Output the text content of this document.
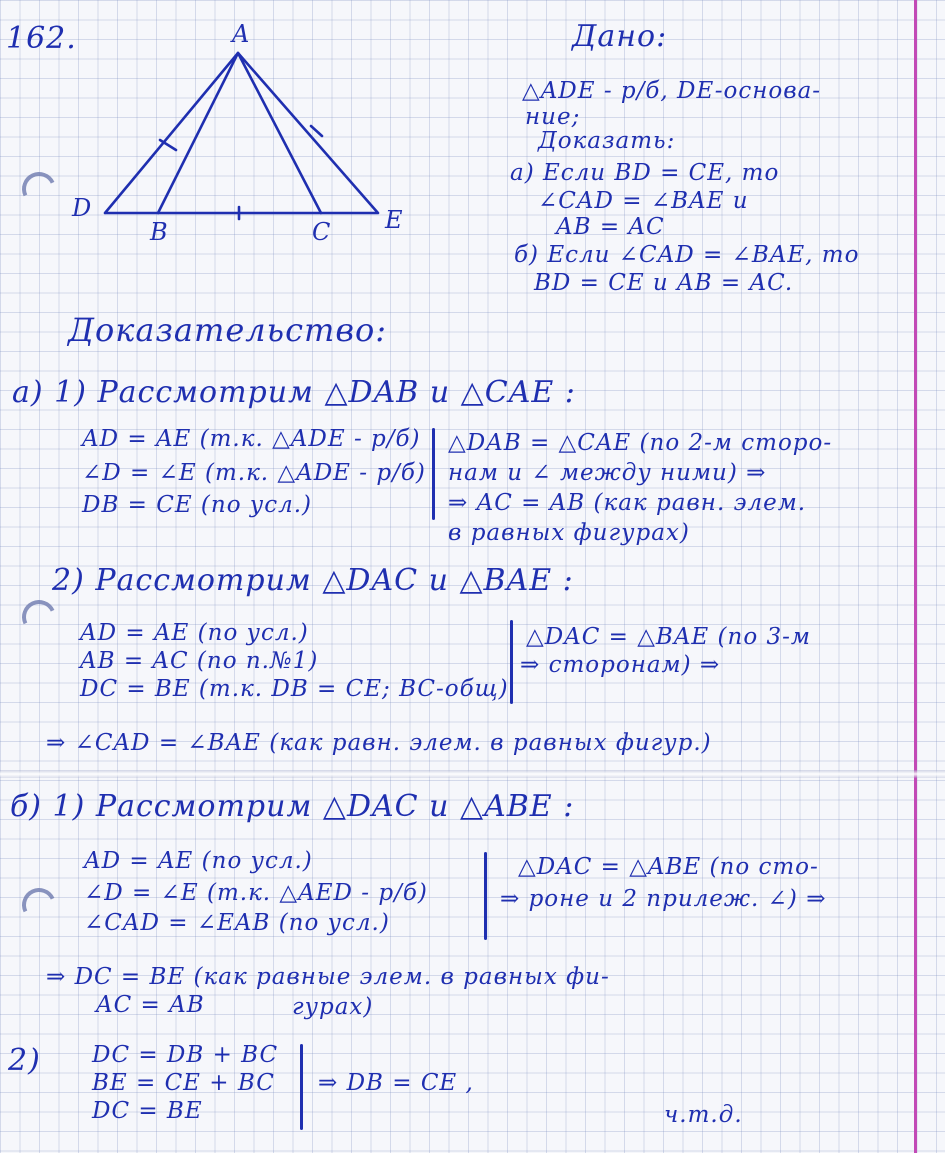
162.	A
D	E
B	C
Дано:
△ADE - р/б, DE-основа-
ние;
Доказать:
а) Если BD = CE, то
∠CAD = ∠BAE и
AB = AC
б) Если ∠CAD = ∠BAE, то
BD = CE и AB = AC.
Доказательство:
а) 1) Рассмотрим △DAB и △CAE :
AD = AE (т.к. △ADE - р/б)
∠D = ∠E (т.к. △ADE - р/б)
DB = CE (по усл.)
△DAB = △CAE (по 2-м сторо-
нам и ∠ между ними) ⇒
⇒ AC = AB (как равн. элем.
в равных фигурах)
2) Рассмотрим △DAC и △BAE :
AD = AE (по усл.)
AB = AC (по п.№1)
DC = BE (т.к. DB = CE; BC-общ)
△DAC = △BAE (по 3-м
⇒ сторонам) ⇒
⇒ ∠CAD = ∠BAE (как равн. элем. в равных фигур.)
б) 1) Рассмотрим △DAC и △ABE :
AD = AE (по усл.)
∠D = ∠E (т.к. △AED - р/б)
∠CAD = ∠EAB (по усл.)
△DAC = △ABE (по сто-
⇒ роне и 2 прилеж. ∠) ⇒
⇒ DC = BE (как равные элем. в равных фи-
AC = AB	гурах)
2) DC = DB + BC
BE = CE + BC
DC = BE
⇒ DB = CE ,
ч.т.д.
